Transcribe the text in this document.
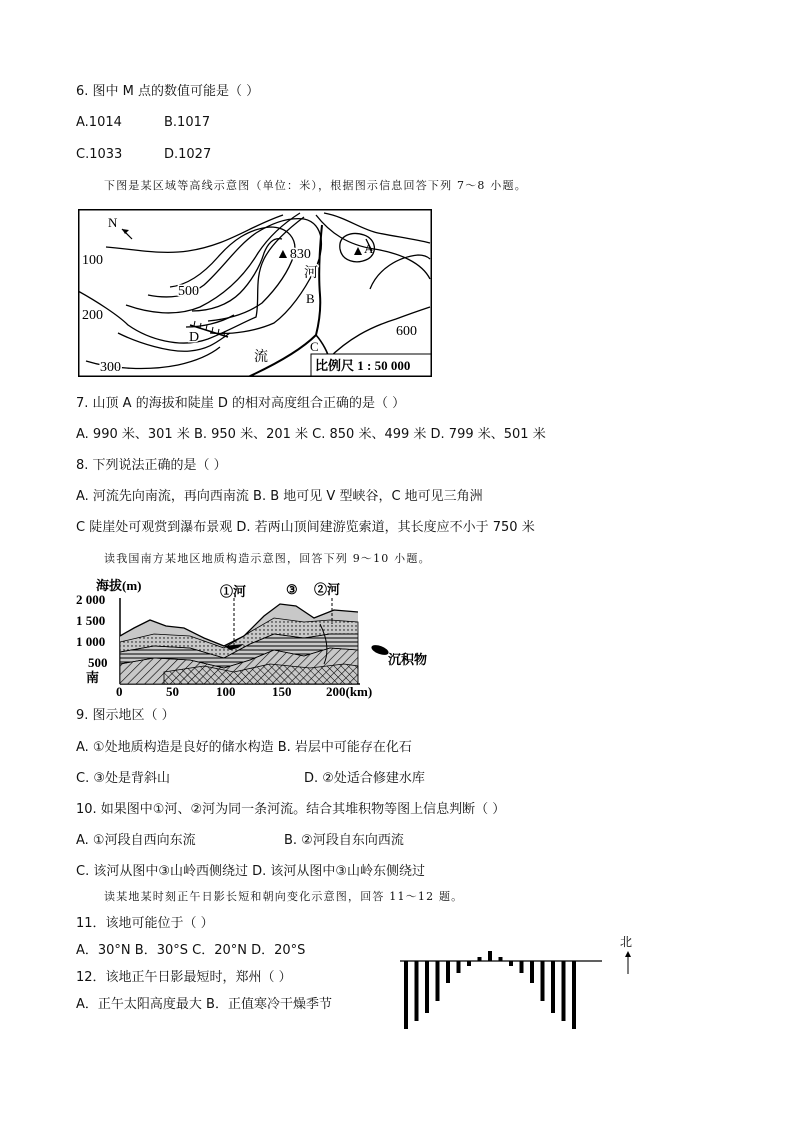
6. 图中 M 点的数值可能是（ ）
A.1014	B.1017
C.1033	D.1027
下图是某区域等高线示意图（单位：米），根据图示信息回答下列 7～8 小题。
N
100
200
300
500
600
▲830	A
河
流
B
C
D
比例尺 1 : 50 000
7. 山顶 A 的海拔和陡崖 D 的相对高度组合正确的是（ ）
A. 990 米、301 米 B. 950 米、201 米 C. 850 米、499 米 D. 799 米、501 米
8. 下列说法正确的是（ ）
A. 河流先向南流，再向西南流 B. B 地可见 V 型峡谷，C 地可见三角洲
C 陡崖处可观赏到瀑布景观 D. 若两山顶间建游览索道，其长度应不小于 750 米
读我国南方某地区地质构造示意图，回答下列 9～10 小题。
海拔(m)
2 000
1 500
1 000
500
南
①河	③ ②河
沉积物
0	50	100	150	200(km)
9. 图示地区（ ）
A. ①处地质构造是良好的储水构造 B. 岩层中可能存在化石
C. ③处是背斜山	D. ②处适合修建水库
10. 如果图中①河、②河为同一条河流。结合其堆积物等图上信息判断（ ）
A. ①河段自西向东流	B. ②河段自东向西流
C. 该河从图中③山岭西侧绕过 D. 该河从图中③山岭东侧绕过
读某地某时刻正午日影长短和朝向变化示意图，回答 11～12 题。
11．该地可能位于（ ）
A．30°N B．30°S C．20°N D．20°S
12．该地正午日影最短时，郑州（ ）
A．正午太阳高度最大 B．正值寒冷干燥季节
北
